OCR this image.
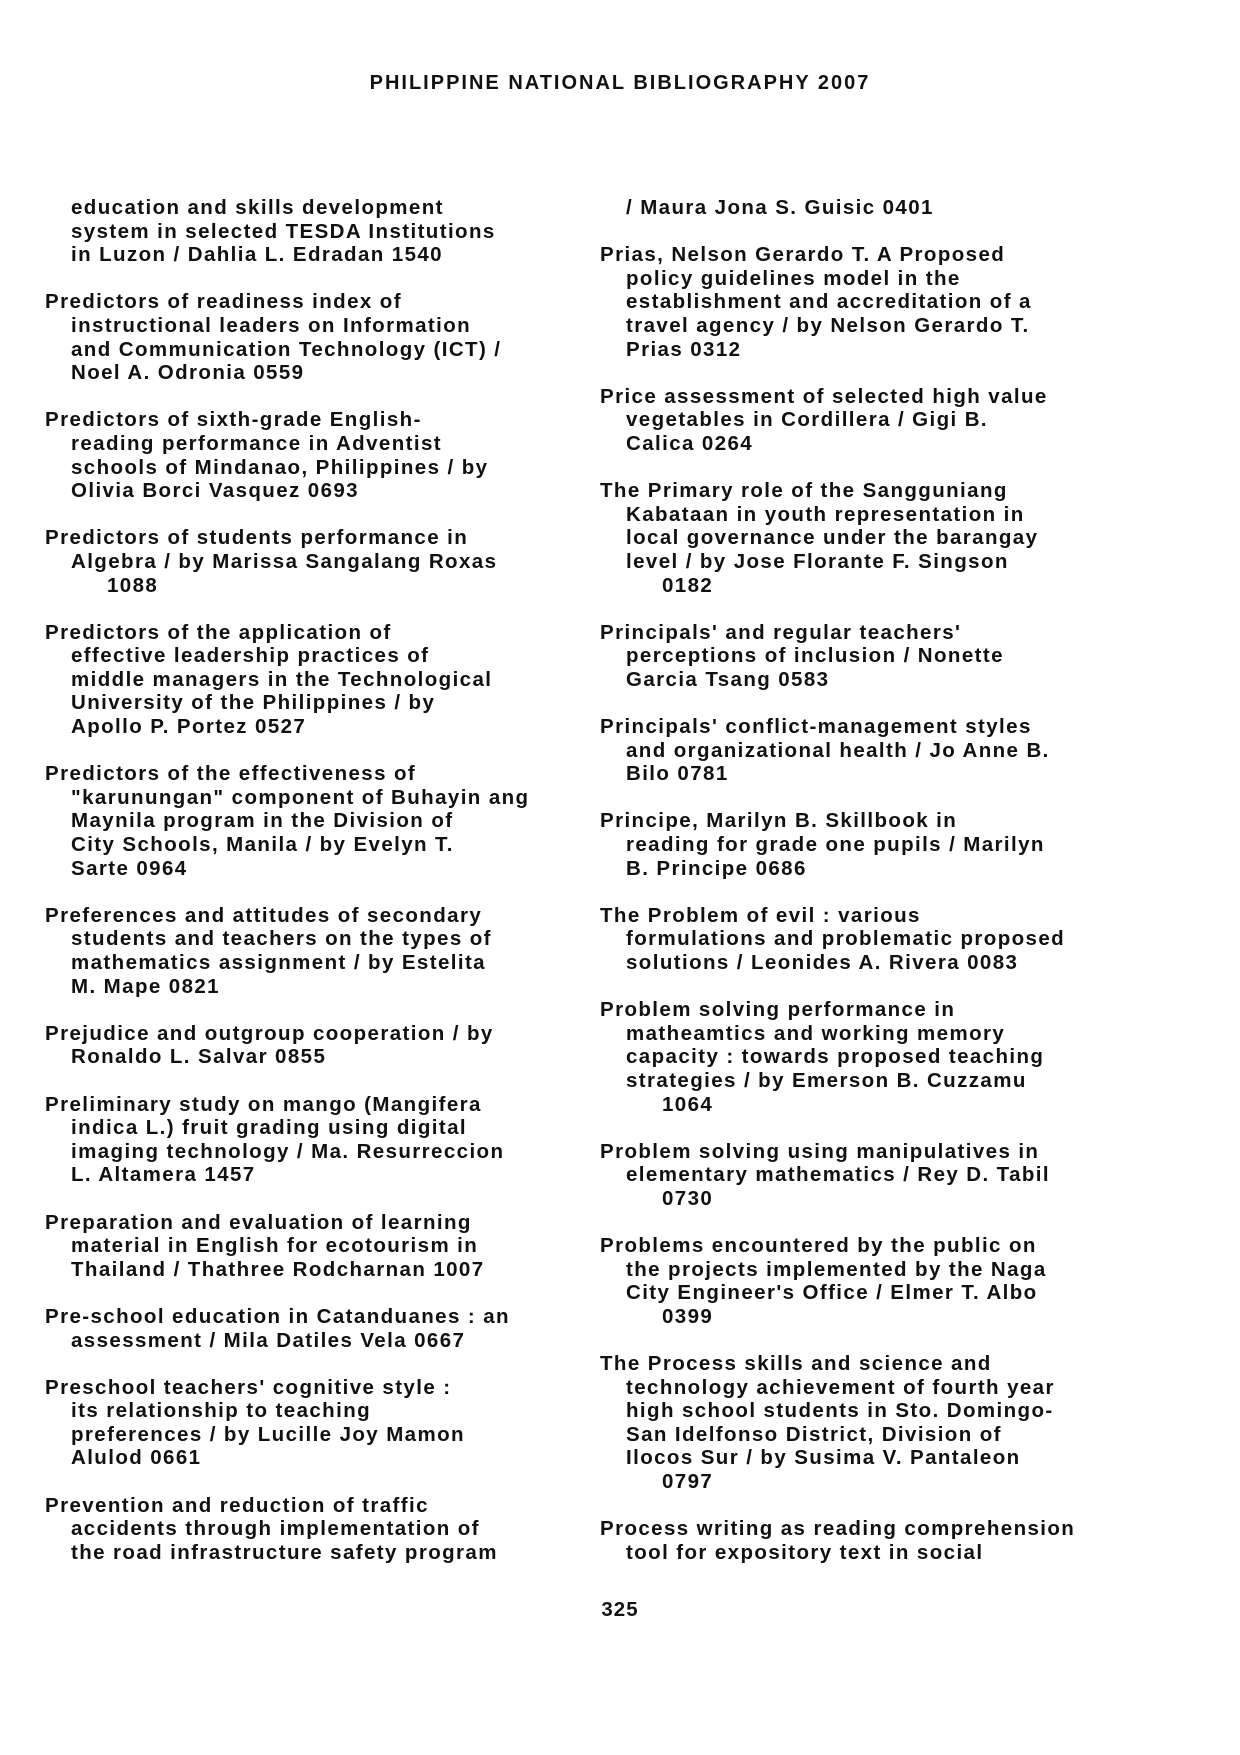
PHILIPPINE NATIONAL BIBLIOGRAPHY 2007
education and skills development
system in selected TESDA Institutions
in Luzon / Dahlia L. Edradan 1540
Predictors of readiness index of
instructional leaders on Information
and Communication Technology (ICT) /
Noel A. Odronia 0559
Predictors of sixth-grade English-
reading performance in Adventist
schools of Mindanao, Philippines / by
Olivia Borci Vasquez 0693
Predictors of students performance in
Algebra / by Marissa Sangalang Roxas
1088
Predictors of the application of
effective leadership practices of
middle managers in the Technological
University of the Philippines / by
Apollo P. Portez 0527
Predictors of the effectiveness of
"karunungan" component of Buhayin ang
Maynila program in the Division of
City Schools, Manila / by Evelyn T.
Sarte 0964
Preferences and attitudes of secondary
students and teachers on the types of
mathematics assignment / by Estelita
M. Mape 0821
Prejudice and outgroup cooperation / by
Ronaldo L. Salvar 0855
Preliminary study on mango (Mangifera
indica L.) fruit grading using digital
imaging technology / Ma. Resurreccion
L. Altamera 1457
Preparation and evaluation of learning
material in English for ecotourism in
Thailand / Thathree Rodcharnan 1007
Pre-school education in Catanduanes : an
assessment / Mila Datiles Vela 0667
Preschool teachers' cognitive style :
its relationship to teaching
preferences / by Lucille Joy Mamon
Alulod 0661
Prevention and reduction of traffic
accidents through implementation of
the road infrastructure safety program
/ Maura Jona S. Guisic 0401
Prias, Nelson Gerardo T. A Proposed
policy guidelines model in the
establishment and accreditation of a
travel agency / by Nelson Gerardo T.
Prias 0312
Price assessment of selected high value
vegetables in Cordillera / Gigi B.
Calica 0264
The Primary role of the Sangguniang
Kabataan in youth representation in
local governance under the barangay
level / by Jose Florante F. Singson
0182
Principals' and regular teachers'
perceptions of inclusion / Nonette
Garcia Tsang 0583
Principals' conflict-management styles
and organizational health / Jo Anne B.
Bilo 0781
Principe, Marilyn B. Skillbook in
reading for grade one pupils / Marilyn
B. Principe 0686
The Problem of evil : various
formulations and problematic proposed
solutions / Leonides A. Rivera 0083
Problem solving performance in
matheamtics and working memory
capacity : towards proposed teaching
strategies / by Emerson B. Cuzzamu
1064
Problem solving using manipulatives in
elementary mathematics / Rey D. Tabil
0730
Problems encountered by the public on
the projects implemented by the Naga
City Engineer's Office / Elmer T. Albo
0399
The Process skills and science and
technology achievement of fourth year
high school students in Sto. Domingo-
San Idelfonso District, Division of
Ilocos Sur / by Susima V. Pantaleon
0797
Process writing as reading comprehension
tool for expository text in social
325
